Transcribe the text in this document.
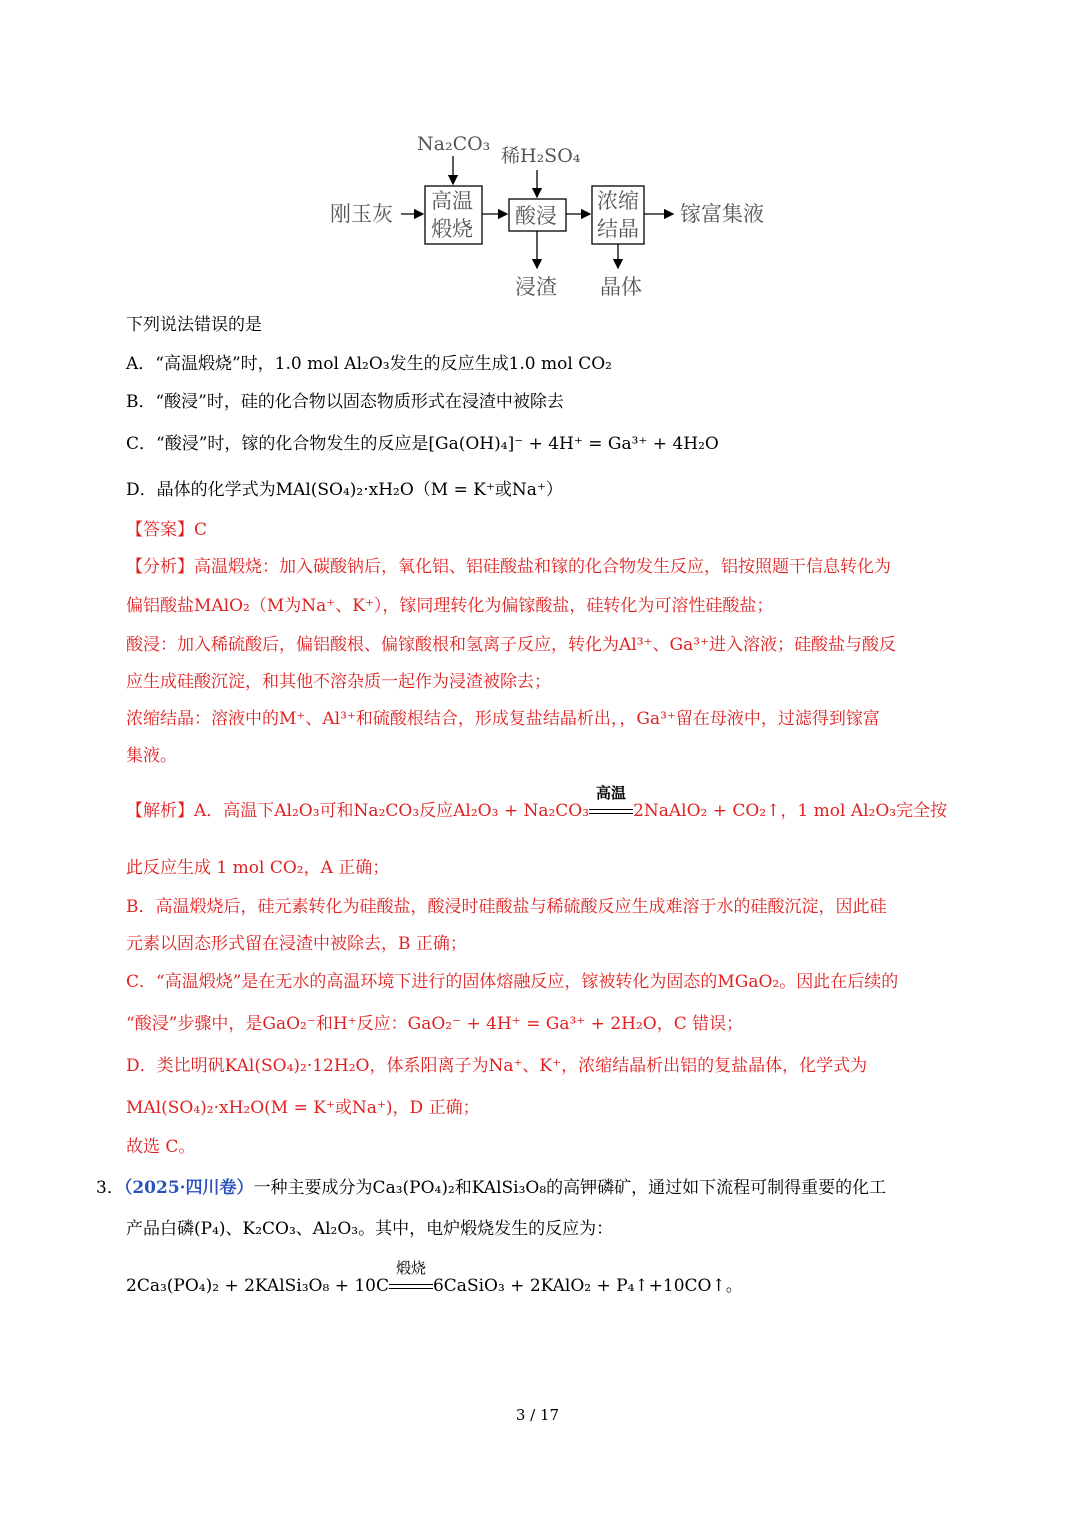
刚玉灰
Na₂CO₃
稀H₂SO₄
高温
煅烧
酸浸
浸渣
浓缩
结晶
晶体
镓富集液
下列说法错误的是
A．“高温煅烧”时，1.0 mol Al₂O₃发生的反应生成1.0 mol CO₂
B．“酸浸”时，硅的化合物以固态物质形式在浸渣中被除去
C．“酸浸”时，镓的化合物发生的反应是[Ga(OH)₄]⁻ + 4H⁺ = Ga³⁺ + 4H₂O
D．晶体的化学式为MAl(SO₄)₂·xH₂O（M = K⁺或Na⁺）
【答案】C
【分析】高温煅烧：加入碳酸钠后，氧化铝、铝硅酸盐和镓的化合物发生反应，铝按照题干信息转化为
偏铝酸盐MAlO₂（M为Na⁺、K⁺），镓同理转化为偏镓酸盐，硅转化为可溶性硅酸盐；
酸浸：加入稀硫酸后，偏铝酸根、偏镓酸根和氢离子反应，转化为Al³⁺、Ga³⁺进入溶液；硅酸盐与酸反
应生成硅酸沉淀，和其他不溶杂质一起作为浸渣被除去；
浓缩结晶：溶液中的M⁺、Al³⁺和硫酸根结合，形成复盐结晶析出，，Ga³⁺留在母液中，过滤得到镓富
集液。
【解析】A．高温下Al₂O₃可和Na₂CO₃反应Al₂O₃ + Na₂CO₃
高温
2NaAlO₂ + CO₂↑，1 mol Al₂O₃完全按
此反应生成 1 mol CO₂，A 正确；
B．高温煅烧后，硅元素转化为硅酸盐，酸浸时硅酸盐与稀硫酸反应生成难溶于水的硅酸沉淀，因此硅
元素以固态形式留在浸渣中被除去，B 正确；
C．“高温煅烧”是在无水的高温环境下进行的固体熔融反应，镓被转化为固态的MGaO₂。因此在后续的
“酸浸”步骤中，是GaO₂⁻和H⁺反应：GaO₂⁻ + 4H⁺ = Ga³⁺ + 2H₂O，C 错误；
D．类比明矾KAl(SO₄)₂·12H₂O，体系阳离子为Na⁺、K⁺，浓缩结晶析出铝的复盐晶体，化学式为
MAl(SO₄)₂·xH₂O(M = K⁺或Na⁺)，D 正确；
故选 C。
3．（2025·四川卷）一种主要成分为Ca₃(PO₄)₂和KAlSi₃O₈的高钾磷矿，通过如下流程可制得重要的化工
产品白磷(P₄)、K₂CO₃、Al₂O₃。其中，电炉煅烧发生的反应为：
2Ca₃(PO₄)₂ + 2KAlSi₃O₈ + 10C
煅烧
6CaSiO₃ + 2KAlO₂ + P₄↑+10CO↑。
3 / 17
